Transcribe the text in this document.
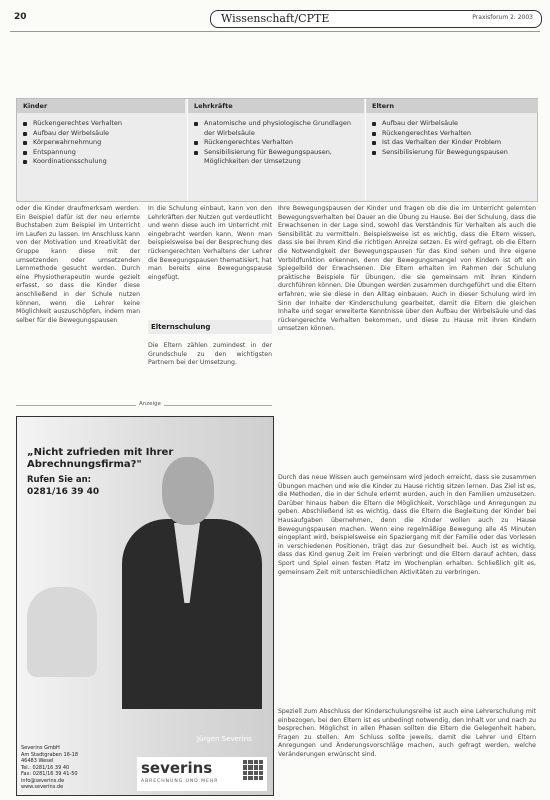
20	Wissenschaft/CPTE	Praxisforum 2. 2003
Kinder
Rückengerechtes Verhalten
Aufbau der Wirbelsäule
Körperwahrnehmung
Entspannung
Koordinationsschulung
Lehrkräfte
Anatomische und physiologische Grundlagen der Wirbelsäule
Rückengerechtes Verhalten
Sensibilisierung für Bewegungspausen, Möglichkeiten der Umsetzung
Eltern
Aufbau der Wirbelsäule
Rückengerechtes Verhalten
Ist das Verhalten der Kinder Problem
Sensibilisierung für Bewegungspausen

oder die Kinder draufmerksam werden. Ein Beispiel dafür ist der neu erlernte Buchstaben zum Beispiel im Unterricht im Laufen zu lassen. Im Anschluss kann von der Motivation und Kreativität der Gruppe kann diese mit der umsetzenden oder umsetzenden Lernmethode gesucht werden. Durch eine Physiotherapeutin wurde gezielt erfasst, so dass die Kinder diese anschließend in der Schule nutzen können, wenn die Lehrer keine Möglichkeit auszuschöpfen, indem man selber für die Bewegungspausen

In die Schulung einbaut, kann von den Lehrkräften der Nutzen gut verdeutlicht und wenn diese auch im Unterricht mit eingebracht werden kann. Wenn man beispielsweise bei der Besprechung des rückengerechten Verhaltens der Lehrer die Bewegungspausen thematisiert, hat man bereits eine Bewegungspause eingefügt.

Elternschulung

Die Eltern zählen zumindest in der Grundschule zu den wichtigsten Partnern bei der Umsetzung.

Ihre Bewegungspausen der Kinder und fragen ob die die im Unterricht gelernten Bewegungsverhalten bei Dauer an die Übung zu Hause. Bei der Schulung, dass die Erwachsenen in der Lage sind, sowohl das Verständnis für Verhalten als auch die Sensibilität zu vermitteln. Beispielsweise ist es wichtig, dass die Eltern wissen, dass sie bei ihrem Kind die richtigen Anreize setzen. Es wird gefragt, ob die Eltern die Notwendigkeit der Bewegungspausen für das Kind sehen und ihre eigene Vorbildfunktion erkennen, denn der Bewegungsmangel von Kindern ist oft ein Spiegelbild der Erwachsenen. Die Eltern erhalten im Rahmen der Schulung praktische Beispiele für Übungen, die sie gemeinsam mit ihren Kindern durchführen können. Die Übungen werden zusammen durchgeführt und die Eltern erfahren, wie sie diese in den Alltag einbauen. Auch in dieser Schulung wird im Sinn der Inhalte der Kinderschulung gearbeitet, damit die Eltern die gleichen Inhalte und sogar erweiterte Kenntnisse über den Aufbau der Wirbelsäule und das rückengerechte Verhalten bekommen, und diese zu Hause mit ihren Kindern umsetzen können.

Durch das neue Wissen auch gemeinsam wird jedoch erreicht, dass sie zusammen Übungen machen und wie die Kinder zu Hause richtig sitzen lernen. Das Ziel ist es, die Methoden, die in der Schule erlernt wurden, auch in den Familien umzusetzen. Darüber hinaus haben die Eltern die Möglichkeit, Vorschläge und Anregungen zu geben. Abschließend ist es wichtig, dass die Eltern die Begleitung der Kinder bei Hausaufgaben übernehmen, denn die Kinder wollen auch zu Hause Bewegungspausen machen. Wenn eine regelmäßige Bewegung alle 45 Minuten eingeplant wird, beispielsweise ein Spaziergang mit der Familie oder das Vorlesen in verschiedenen Positionen, trägt das zur Gesundheit bei. Auch ist es wichtig, dass das Kind genug Zeit im Freien verbringt und die Eltern darauf achten, dass Sport und Spiel einen festen Platz im Wochenplan erhalten. Schließlich gilt es, gemeinsam Zeit mit unterschiedlichen Aktivitäten zu verbringen.

Speziell zum Abschluss der Kinderschulungsreihe ist auch eine Lehrerschulung mit einbezogen, bei den Eltern ist es unbedingt notwendig, den Inhalt vor und nach zu besprechen. Möglichst in allen Phasen sollten die Eltern die Gelegenheit haben, Fragen zu stellen. Am Schluss sollte jeweils, damit die Lehrer und Eltern Anregungen und Änderungsvorschläge machen, auch gefragt werden, welche Veränderungen erwünscht sind.

Anzeige
„Nicht zufrieden mit Ihrer Abrechnungsfirma?"
Rufen Sie an:
0281/16 39 40
Jürgen Severins
Severins GmbH
Am Stadtgraben 16-18
46483 Wesel
Tel.: 0281/16 39 40
Fax: 0281/16 39 41-50
info@severins.de
www.severins.de
severins
ABRECHNUNG UND MEHR
